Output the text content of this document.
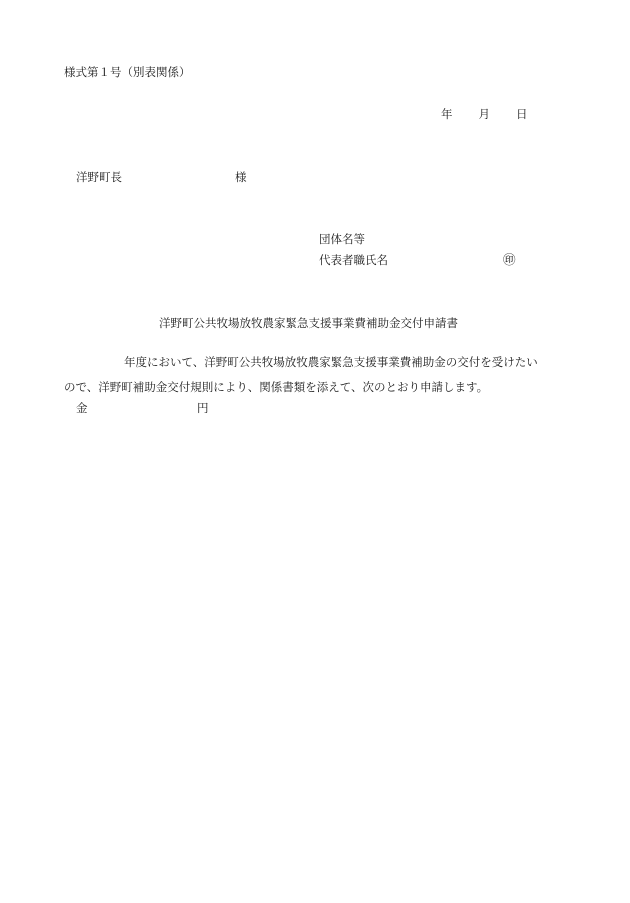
様式第１号（別表関係）
年 月 日
洋野町長	様
団体名等
代表者職氏名	㊞
洋野町公共牧場放牧農家緊急支援事業費補助金交付申請書
年度において、洋野町公共牧場放牧農家緊急支援事業費補助金の交付を受けたい
ので、洋野町補助金交付規則により、関係書類を添えて、次のとおり申請します。
金	円
